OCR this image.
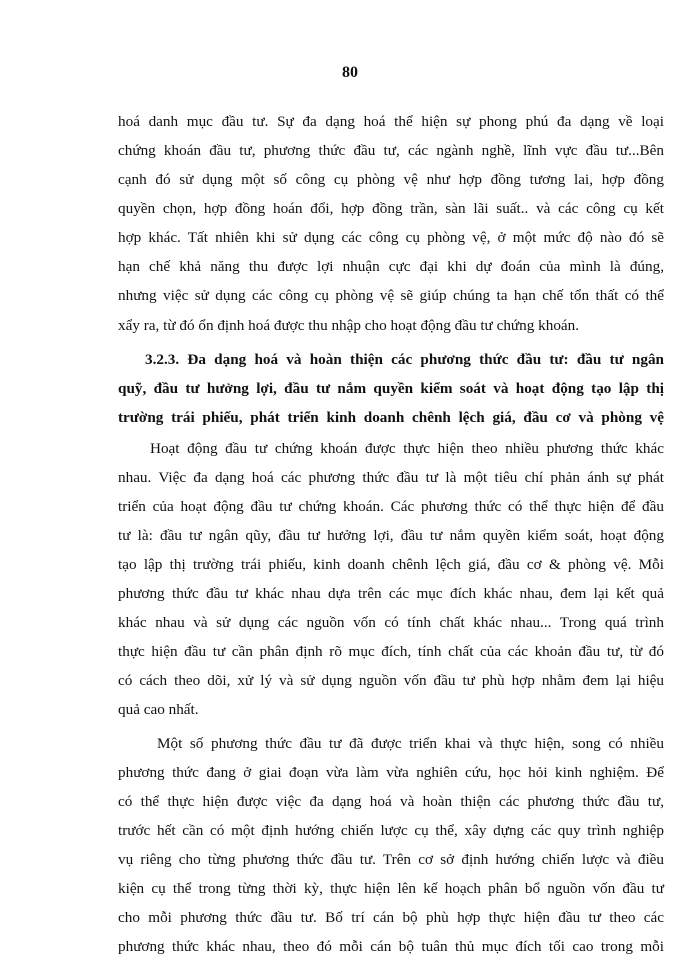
80
hoá danh mục đầu tư. Sự đa dạng hoá thể hiện sự phong phú đa dạng về loại
chứng khoán đầu tư, phương thức đầu tư, các ngành nghề, lĩnh vực đầu tư...Bên
cạnh đó sử dụng một số công cụ phòng vệ như hợp đồng tương lai, hợp đồng
quyền chọn, hợp đồng hoán đổi, hợp đồng trần, sàn lãi suất.. và các công cụ kết
hợp khác. Tất nhiên khi sử dụng các công cụ phòng vệ, ở một mức độ nào đó sẽ
hạn chế khả năng thu được lợi nhuận cực đại khi dự đoán của mình là đúng,
nhưng việc sử dụng các công cụ phòng vệ sẽ giúp chúng ta hạn chế tổn thất có thể
xẩy ra, từ đó ổn định hoá được thu nhập cho hoạt động đầu tư chứng khoán.
3.2.3. Đa dạng hoá và hoàn thiện các phương thức đầu tư: đầu tư ngân
quỹ, đầu tư hưởng lợi, đầu tư nắm quyền kiểm soát và hoạt động tạo lập thị
trường trái phiếu, phát triển kinh doanh chênh lệch giá, đầu cơ và phòng vệ
Hoạt động đầu tư chứng khoán được thực hiện theo nhiều phương thức khác
nhau. Việc đa dạng hoá các phương thức đầu tư là một tiêu chí phản ánh sự phát
triển của hoạt động đầu tư chứng khoán. Các phương thức có thể thực hiện để đầu
tư là: đầu tư ngân qũy, đầu tư hưởng lợi, đầu tư nắm quyền kiểm soát, hoạt động
tạo lập thị trường trái phiếu, kinh doanh chênh lệch giá, đầu cơ & phòng vệ. Mỗi
phương thức đầu tư khác nhau dựa trên các mục đích khác nhau, đem lại kết quả
khác nhau và sử dụng các nguồn vốn có tính chất khác nhau... Trong quá trình
thực hiện đầu tư cần phân định rõ mục đích, tính chất của các khoản đầu tư, từ đó
có cách theo dõi, xử lý và sử dụng nguồn vốn đầu tư phù hợp nhằm đem lại hiệu
quả cao nhất.
Một số phương thức đầu tư đã được triển khai và thực hiện, song có nhiều
phương thức đang ở giai đoạn vừa làm vừa nghiên cứu, học hỏi kinh nghiệm. Để
có thể thực hiện được việc đa dạng hoá và hoàn thiện các phương thức đầu tư,
trước hết cần có một định hướng chiến lược cụ thể, xây dựng các quy trình nghiệp
vụ riêng cho từng phương thức đầu tư. Trên cơ sở định hướng chiến lược và điều
kiện cụ thể trong từng thời kỳ, thực hiện lên kế hoạch phân bổ nguồn vốn đầu tư
cho mỗi phương thức đầu tư. Bố trí cán bộ phù hợp thực hiện đầu tư theo các
phương thức khác nhau, theo đó mỗi cán bộ tuân thủ mục đích tối cao trong mỗi
